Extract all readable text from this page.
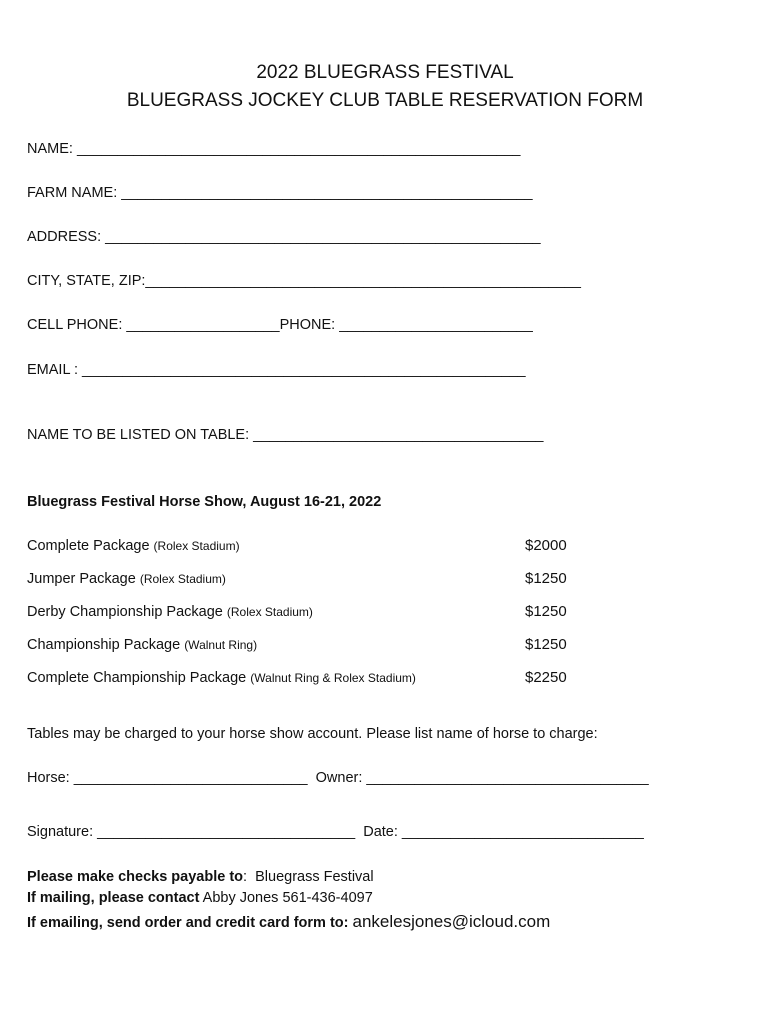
2022 BLUEGRASS FESTIVAL
BLUEGRASS JOCKEY CLUB TABLE RESERVATION FORM
NAME: _______________________________________________________
FARM NAME: ___________________________________________________
ADDRESS: ______________________________________________________
CITY, STATE, ZIP:______________________________________________________
CELL PHONE: ___________________PHONE: ________________________
EMAIL : _______________________________________________________
NAME TO BE LISTED ON TABLE: ____________________________________
Bluegrass Festival Horse Show, August 16-21, 2022
Complete Package (Rolex Stadium)	$2000
Jumper Package (Rolex Stadium)	$1250
Derby Championship Package (Rolex Stadium)	$1250
Championship Package (Walnut Ring)	$1250
Complete Championship Package (Walnut Ring & Rolex Stadium)	$2250
Tables may be charged to your horse show account. Please list name of horse to charge:
Horse: _____________________________  Owner: ___________________________________
Signature: ________________________________  Date: ______________________________
Please make checks payable to:  Bluegrass Festival
If mailing, please contact Abby Jones 561-436-4097
If emailing, send order and credit card form to: ankelesjones@icloud.com
